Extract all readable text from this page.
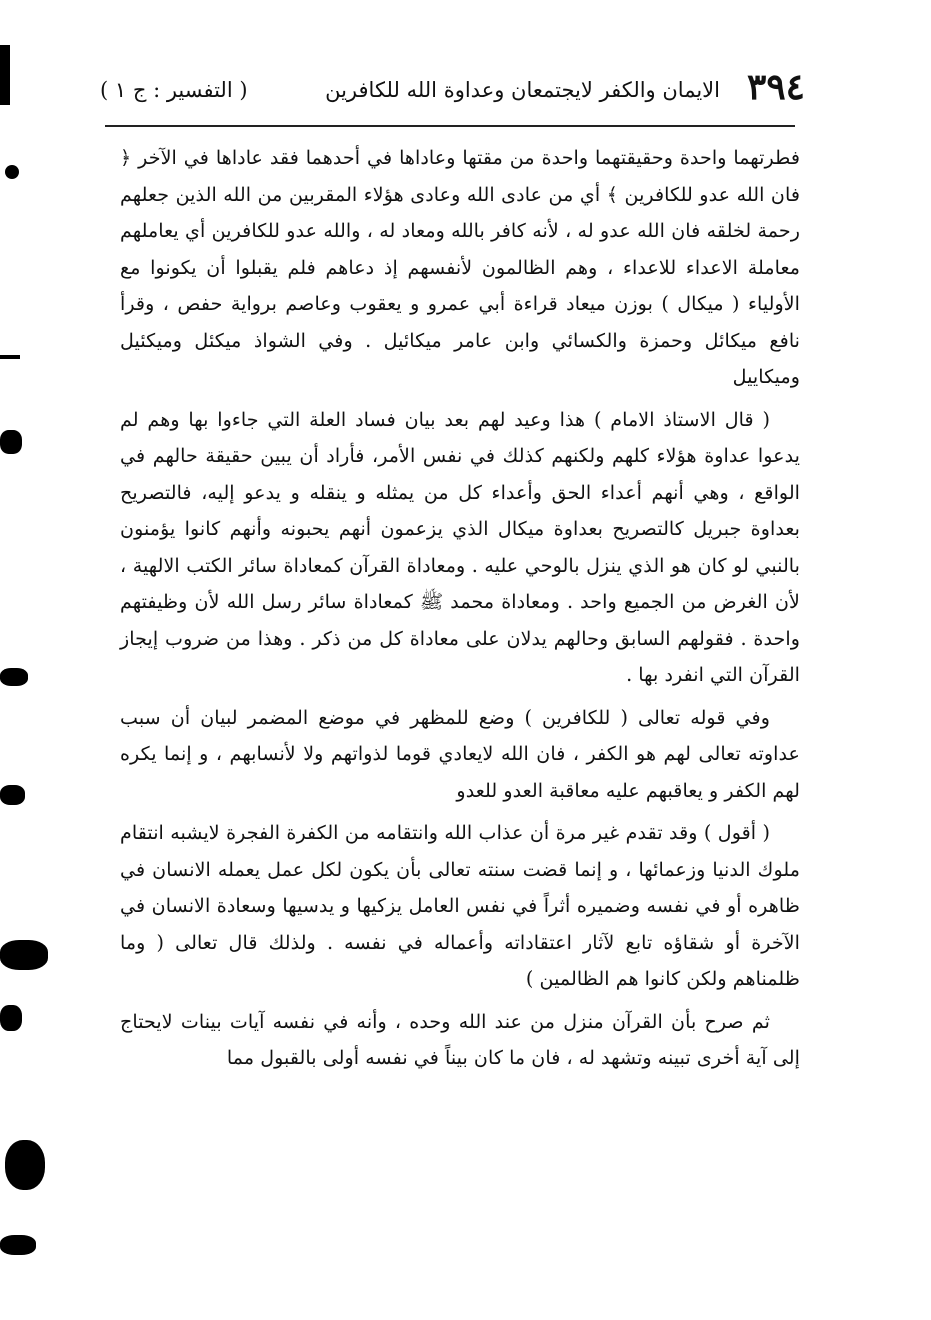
٣٩٤
الايمان والكفر لايجتمعان وعداوة الله للكافرين
( التفسير : ج ١ )

فطرتهما واحدة وحقيقتهما واحدة من مقتها وعاداها في أحدهما فقد عاداها في الآخر ﴿ فان الله عدو للكافرين ﴾ أي من عادى الله وعادى هؤلاء المقربين من الله الذين جعلهم رحمة لخلقه فان الله عدو له ، لأنه كافر بالله ومعاد له ، والله عدو للكافرين أي يعاملهم معاملة الاعداء للاعداء ، وهم الظالمون لأنفسهم إذ دعاهم فلم يقبلوا أن يكونوا مع الأولياء ( ميكال ) بوزن ميعاد قراءة أبي عمرو و يعقوب وعاصم برواية حفص ، وقرأ نافع ميكائل وحمزة والكسائي وابن عامر ميكائيل . وفي الشواذ ميكئل وميكئيل وميكاييل

( قال الاستاذ الامام ) هذا وعيد لهم بعد بيان فساد العلة التي جاءوا بها وهم لم يدعوا عداوة هؤلاء كلهم ولكنهم كذلك في نفس الأمر، فأراد أن يبين حقيقة حالهم في الواقع ، وهي أنهم أعداء الحق وأعداء كل من يمثله و ينقله و يدعو إليه، فالتصريح بعداوة جبريل كالتصريح بعداوة ميكال الذي يزعمون أنهم يحبونه وأنهم كانوا يؤمنون بالنبي لو كان هو الذي ينزل بالوحي عليه . ومعاداة القرآن كمعاداة سائر الكتب الالهية ، لأن الغرض من الجميع واحد . ومعاداة محمد ﷺ كمعاداة سائر رسل الله لأن وظيفتهم واحدة . فقولهم السابق وحالهم يدلان على معاداة كل من ذكر . وهذا من ضروب إيجاز القرآن التي انفرد بها .

وفي قوله تعالى ( للكافرين ) وضع للمظهر في موضع المضمر لبيان أن سبب عداوته تعالى لهم هو الكفر ، فان الله لايعادي قوما لذواتهم ولا لأنسابهم ، و إنما يكره لهم الكفر و يعاقبهم عليه معاقبة العدو للعدو

( أقول ) وقد تقدم غير مرة أن عذاب الله وانتقامه من الكفرة الفجرة لايشبه انتقام ملوك الدنيا وزعمائها ، و إنما قضت سنته تعالى بأن يكون لكل عمل يعمله الانسان في ظاهره أو في نفسه وضميره أثراً في نفس العامل يزكيها و يدسيها وسعادة الانسان في الآخرة أو شقاؤه تابع لآثار اعتقاداته وأعماله في نفسه . ولذلك قال تعالى ( وما ظلمناهم ولكن كانوا هم الظالمين )

ثم صرح بأن القرآن منزل من عند الله وحده ، وأنه في نفسه آيات بينات لايحتاج إلى آية أخرى تبينه وتشهد له ، فان ما كان بيناً في نفسه أولى بالقبول مما
